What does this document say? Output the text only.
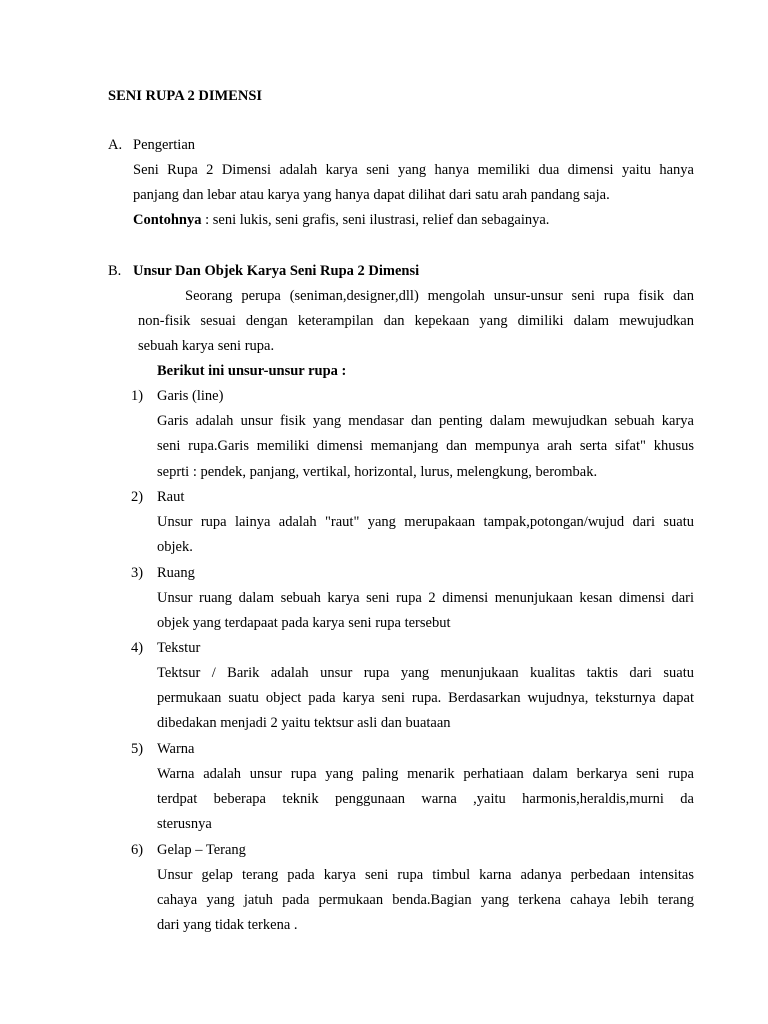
SENI RUPA 2 DIMENSI
A. Pengertian
Seni Rupa 2 Dimensi adalah karya seni yang hanya memiliki dua dimensi yaitu hanya
panjang dan lebar atau karya yang hanya dapat dilihat dari satu arah pandang saja.
Contohnya : seni lukis, seni grafis, seni ilustrasi, relief dan sebagainya.
B. Unsur Dan Objek Karya Seni Rupa 2 Dimensi
Seorang perupa (seniman,designer,dll) mengolah unsur-unsur seni rupa fisik dan
non-fisik sesuai dengan keterampilan dan kepekaan yang dimiliki dalam mewujudkan
sebuah karya seni rupa.
Berikut ini unsur-unsur rupa :
1) Garis (line)
Garis adalah unsur fisik yang mendasar dan penting dalam mewujudkan sebuah karya
seni rupa.Garis memiliki dimensi memanjang dan mempunya arah serta sifat" khusus
seprti : pendek, panjang, vertikal, horizontal, lurus, melengkung, berombak.
2) Raut
Unsur rupa lainya adalah "raut" yang merupakaan tampak,potongan/wujud dari suatu
objek.
3) Ruang
Unsur ruang dalam sebuah karya seni rupa 2 dimensi menunjukaan kesan dimensi dari
objek yang terdapaat pada karya seni rupa tersebut
4) Tekstur
Tektsur / Barik adalah unsur rupa yang menunjukaan kualitas taktis dari suatu
permukaan suatu object pada karya seni rupa. Berdasarkan wujudnya, teksturnya dapat
dibedakan menjadi 2 yaitu tektsur asli dan buataan
5) Warna
Warna adalah unsur rupa yang paling menarik perhatiaan dalam berkarya seni rupa
terdpat beberapa teknik penggunaan warna ,yaitu harmonis,heraldis,murni da
sterusnya
6) Gelap – Terang
Unsur gelap terang pada karya seni rupa timbul karna adanya perbedaan intensitas
cahaya yang jatuh pada permukaan benda.Bagian yang terkena cahaya lebih terang
dari yang tidak terkena .
